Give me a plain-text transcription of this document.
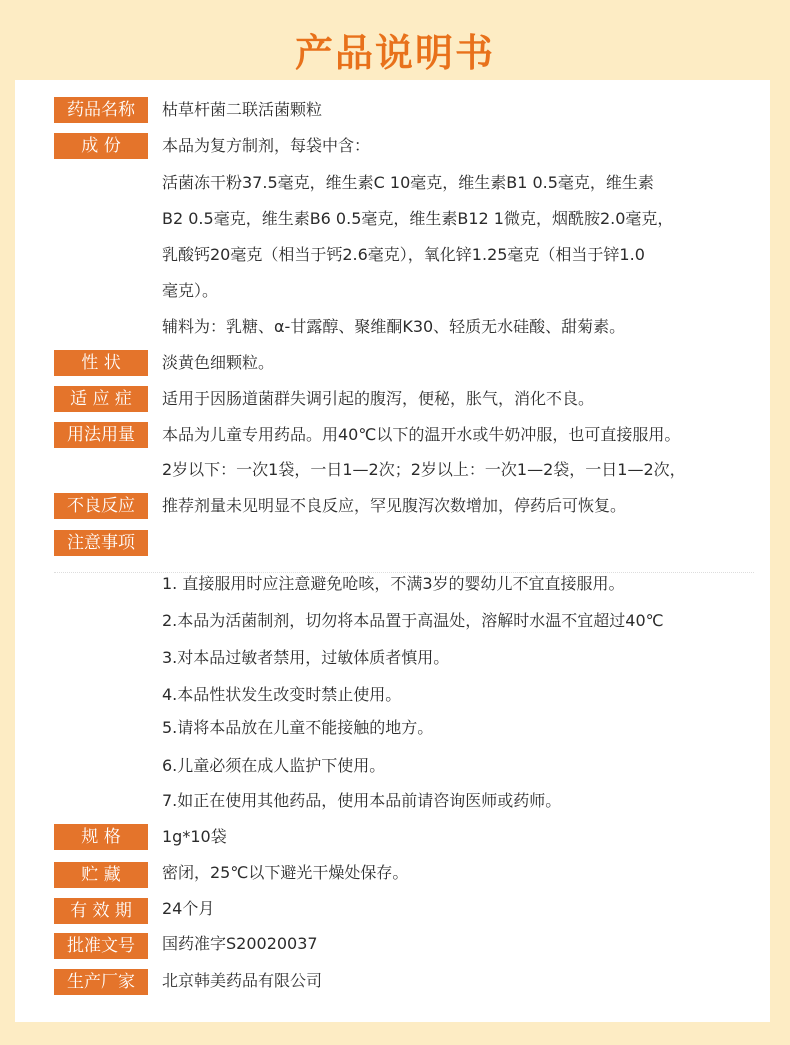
产品说明书
药品名称	枯草杆菌二联活菌颗粒
成 份	本品为复方制剂，每袋中含：
活菌冻干粉37.5毫克，维生素C 10毫克，维生素B1 0.5毫克，维生素
B2 0.5毫克，维生素B6 0.5毫克，维生素B12 1微克，烟酰胺2.0毫克，
乳酸钙20毫克（相当于钙2.6毫克），氧化锌1.25毫克（相当于锌1.0
毫克）。
辅料为：乳糖、α-甘露醇、聚维酮K30、轻质无水硅酸、甜菊素。
性 状	淡黄色细颗粒。
适 应 症	适用于因肠道菌群失调引起的腹泻，便秘，胀气，消化不良。
用法用量	本品为儿童专用药品。用40℃以下的温开水或牛奶冲服，也可直接服用。
2岁以下：一次1袋，一日1—2次；2岁以上：一次1—2袋，一日1—2次，
不良反应	推荐剂量未见明显不良反应，罕见腹泻次数增加，停药后可恢复。
注意事项
1. 直接服用时应注意避免呛咳，不满3岁的婴幼儿不宜直接服用。
2.本品为活菌制剂，切勿将本品置于高温处，溶解时水温不宜超过40℃
3.对本品过敏者禁用，过敏体质者慎用。
4.本品性状发生改变时禁止使用。
5.请将本品放在儿童不能接触的地方。
6.儿童必须在成人监护下使用。
7.如正在使用其他药品，使用本品前请咨询医师或药师。
规 格	1g*10袋
贮 藏	密闭，25℃以下避光干燥处保存。
有 效 期	24个月
批准文号	国药准字S20020037
生产厂家	北京韩美药品有限公司
